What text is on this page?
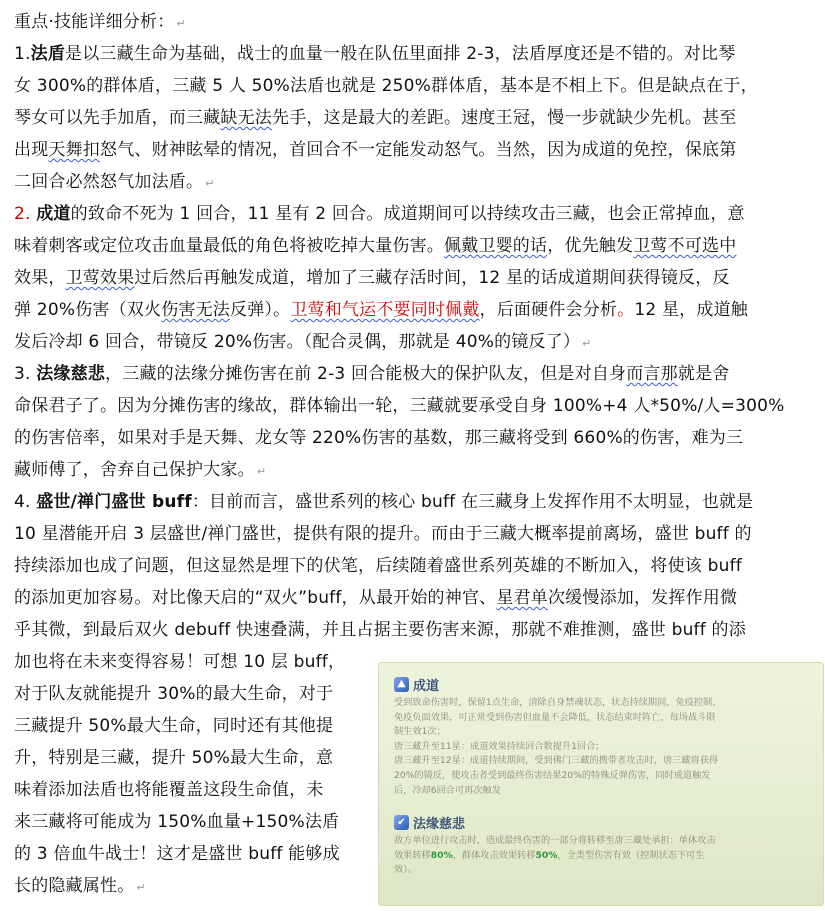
重点·技能详细分析： ↵
1.法盾是以三藏生命为基础，战士的血量一般在队伍里面排 2-3，法盾厚度还是不错的。对比琴
女 300%的群体盾，三藏 5 人 50%法盾也就是 250%群体盾，基本是不相上下。但是缺点在于，
琴女可以先手加盾，而三藏缺无法先手，这是最大的差距。速度王冠，慢一步就缺少先机。甚至
出现天舞扣怒气、财神眩晕的情况，首回合不一定能发动怒气。当然，因为成道的免控，保底第
二回合必然怒气加法盾。 ↵
2. 成道的致命不死为 1 回合，11 星有 2 回合。成道期间可以持续攻击三藏，也会正常掉血，意
味着刺客或定位攻击血量最低的角色将被吃掉大量伤害。佩戴卫婴的话，优先触发卫莺不可选中
效果，卫莺效果过后然后再触发成道，增加了三藏存活时间，12 星的话成道期间获得镜反，反
弹 20%伤害（双火伤害无法反弹）。卫莺和气运不要同时佩戴，后面硬件会分析。12 星，成道触
发后冷却 6 回合，带镜反 20%伤害。（配合灵偶，那就是 40%的镜反了） ↵
3. 法缘慈悲，三藏的法缘分摊伤害在前 2-3 回合能极大的保护队友，但是对自身而言那就是舍
命保君子了。因为分摊伤害的缘故，群体输出一轮，三藏就要承受自身 100%+4 人*50%/人=300%
的伤害倍率，如果对手是天舞、龙女等 220%伤害的基数，那三藏将受到 660%的伤害，难为三
藏师傅了，舍弃自己保护大家。 ↵
4. 盛世/禅门盛世 buff：目前而言，盛世系列的核心 buff 在三藏身上发挥作用不太明显，也就是
10 星潜能开启 3 层盛世/禅门盛世，提供有限的提升。而由于三藏大概率提前离场，盛世 buff 的
持续添加也成了问题，但这显然是埋下的伏笔，后续随着盛世系列英雄的不断加入，将使该 buff
的添加更加容易。对比像天启的“双火”buff，从最开始的神官、星君单次缓慢添加，发挥作用微
乎其微，到最后双火 debuff 快速叠满，并且占据主要伤害来源，那就不难推测，盛世 buff 的添
加也将在未来变得容易！可想 10 层 buff，
对于队友就能提升 30%的最大生命，对于
三藏提升 50%最大生命，同时还有其他提
升，特别是三藏，提升 50%最大生命，意
味着添加法盾也将能覆盖这段生命值，未
来三藏将可能成为 150%血量+150%法盾
的 3 倍血牛战士！这才是盛世 buff 能够成
长的隐藏属性。 ↵
⛰ 成道
受到致命伤害时，保留1点生命，清除自身禁魂状态，状态持续期间，免疫控制、
免疫负面效果，可正常受到伤害但血量不会降低，状态结束时阵亡，每场战斗限
制生效1次；
唐三藏升至11星：成道效果持续回合数提升1回合；
唐三藏升至12星：成道持续期间，受到佛门三藏的携带者攻击时，唐三藏将获得
20%的镜反，使攻击者受到最终伤害结果20%的特殊反弹伤害，同时成道触发
后，冷却6回合可再次触发
✔ 法缘慈悲
敌方单位进行攻击时，造成最终伤害的一部分将转移至唐三藏处承担：单体攻击
效果转移80%，群体攻击效果转移50%，全类型伤害有效（控制状态下可生
效）。
